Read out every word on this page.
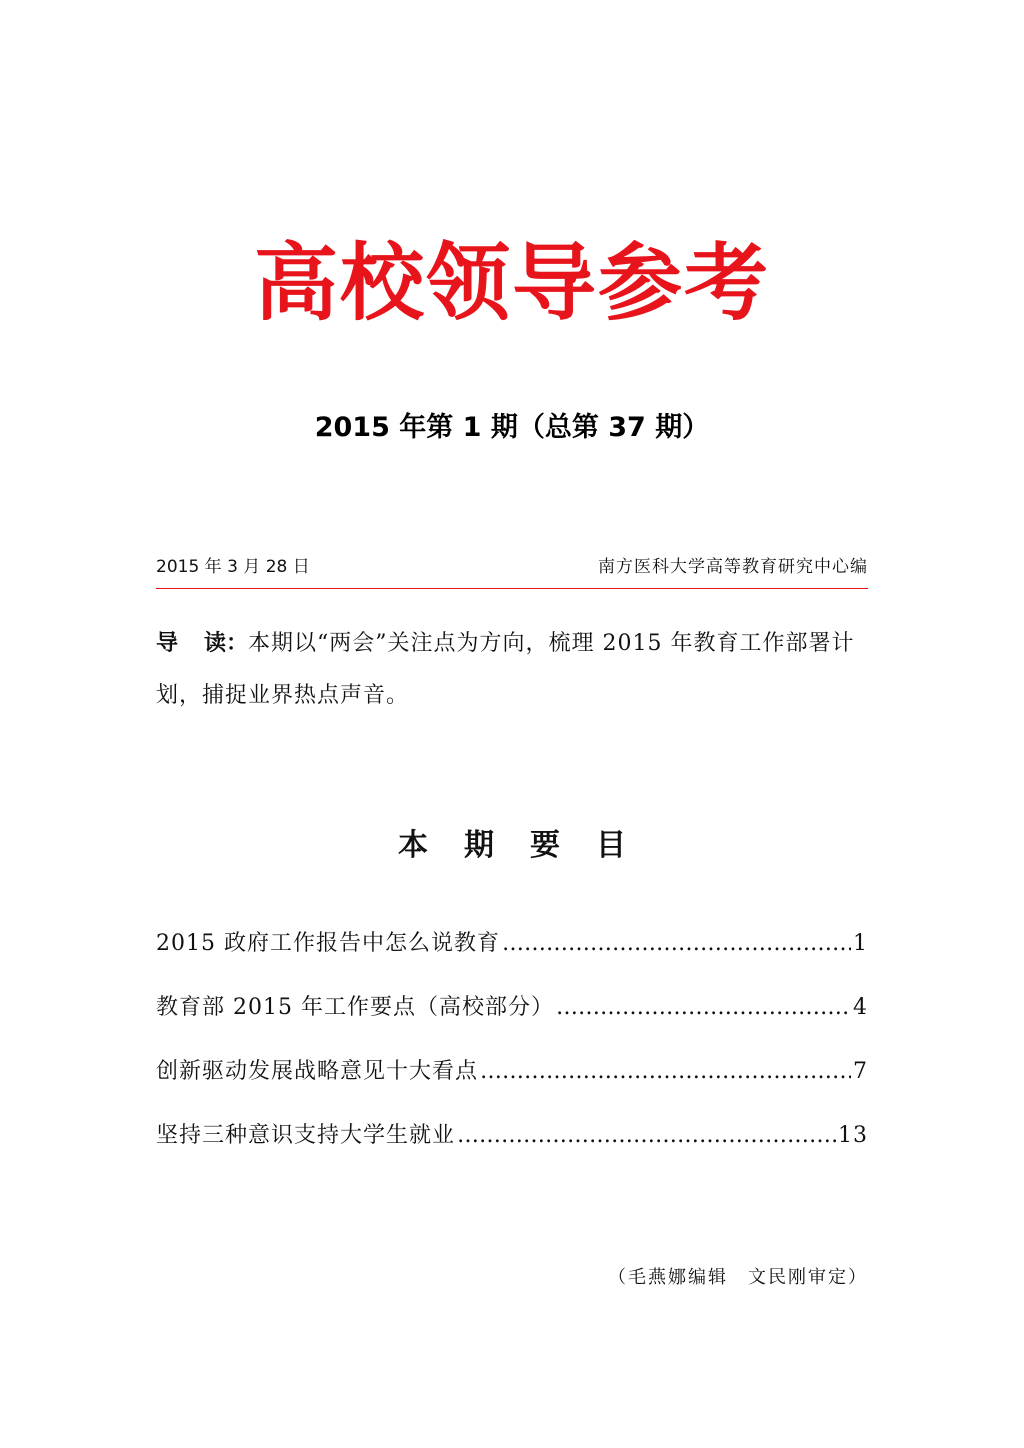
高校领导参考
2015 年第 1 期（总第 37 期）
2015 年 3 月 28 日	南方医科大学高等教育研究中心编
导 读：本期以“两会”关注点为方向，梳理 2015 年教育工作部署计划，捕捉业界热点声音。
本 期 要 目
2015 政府工作报告中怎么说教育 ……………………………………………………………………………………………………………………………………	1
教育部 2015 年工作要点（高校部分） ……………………………………………………………………………………………………………………………………	4
创新驱动发展战略意见十大看点 ……………………………………………………………………………………………………………………………………	7
坚持三种意识支持大学生就业 ……………………………………………………………………………………………………………………………………	13
（毛燕娜编辑 文民刚审定）
